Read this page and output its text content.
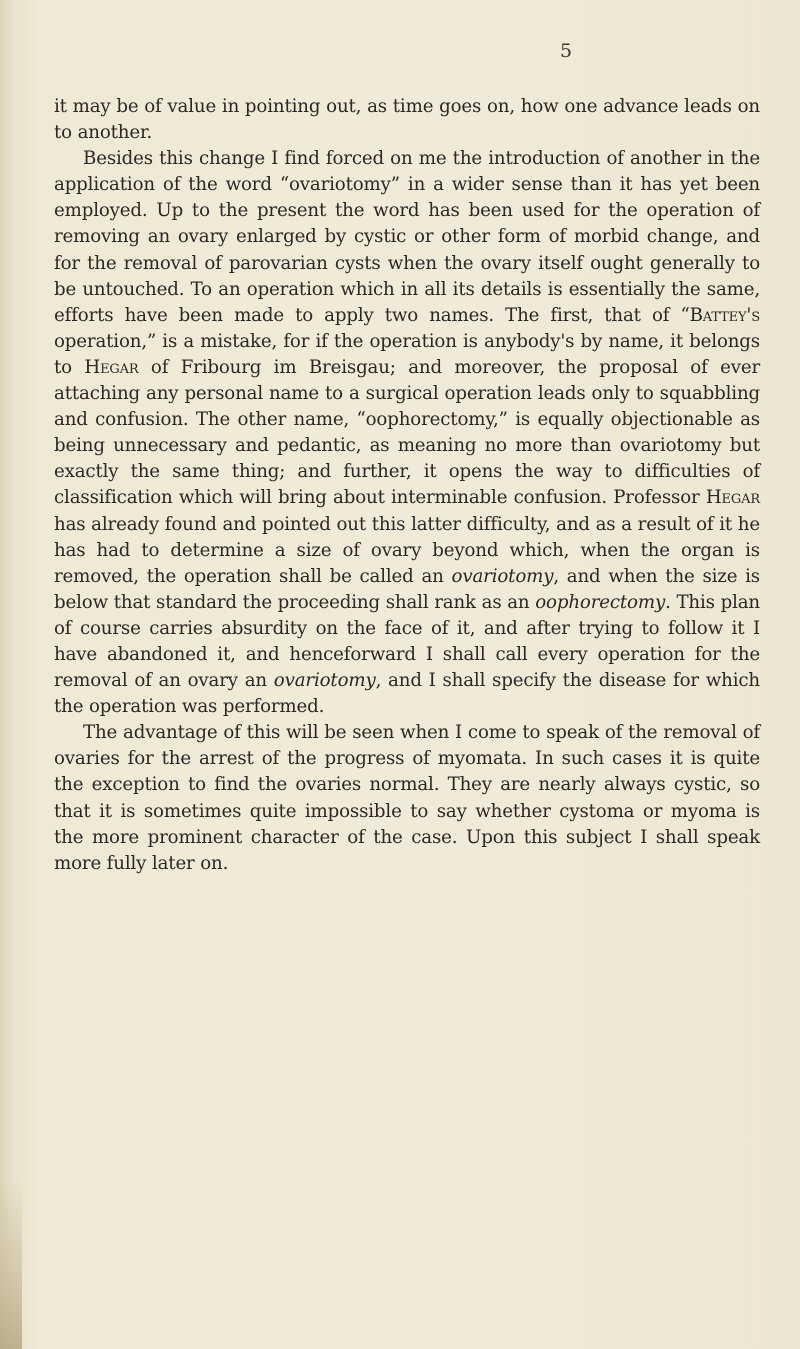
5

it may be of value in pointing out, as time goes on, how one advance leads on to another.

Besides this change I find forced on me the introduction of another in the application of the word “ovariotomy” in a wider sense than it has yet been employed. Up to the present the word has been used for the operation of removing an ovary enlarged by cystic or other form of morbid change, and for the removal of parovarian cysts when the ovary itself ought generally to be untouched. To an operation which in all its details is essentially the same, efforts have been made to apply two names. The first, that of “Battey's operation,” is a mistake, for if the operation is anybody's by name, it belongs to Hegar of Fribourg im Breisgau; and moreover, the proposal of ever attaching any personal name to a surgical operation leads only to squabbling and confusion. The other name, “oophorectomy,” is equally objectionable as being unnecessary and pedantic, as meaning no more than ovariotomy but exactly the same thing; and further, it opens the way to difficulties of classification which will bring about interminable confusion. Professor Hegar has already found and pointed out this latter difficulty, and as a result of it he has had to determine a size of ovary beyond which, when the organ is removed, the operation shall be called an ovariotomy, and when the size is below that standard the proceeding shall rank as an oophorectomy. This plan of course carries absurdity on the face of it, and after trying to follow it I have abandoned it, and henceforward I shall call every operation for the removal of an ovary an ovariotomy, and I shall specify the disease for which the operation was performed.

The advantage of this will be seen when I come to speak of the removal of ovaries for the arrest of the progress of myomata. In such cases it is quite the exception to find the ovaries normal. They are nearly always cystic, so that it is sometimes quite impossible to say whether cystoma or myoma is the more prominent character of the case. Upon this subject I shall speak more fully later on.
